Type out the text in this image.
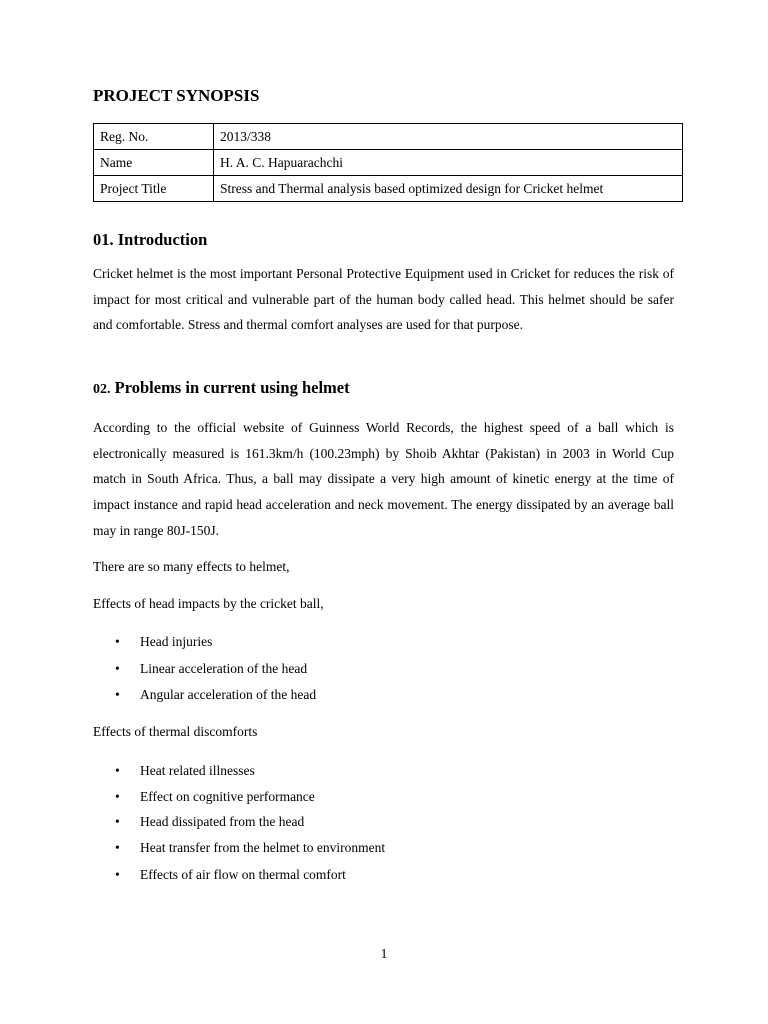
PROJECT SYNOPSIS
Reg. No.	2013/338
Name	H. A. C. Hapuarachchi
Project Title	Stress and Thermal analysis based optimized design for Cricket helmet
01. Introduction

Cricket helmet is the most important Personal Protective Equipment used in Cricket for reduces the risk of impact for most critical and vulnerable part of the human body called head. This helmet should be safer and comfortable. Stress and thermal comfort analyses are used for that purpose.

02. Problems in current using helmet

According to the official website of Guinness World Records, the highest speed of a ball which is electronically measured is 161.3km/h (100.23mph) by Shoib Akhtar (Pakistan) in 2003 in World Cup match in South Africa. Thus, a ball may dissipate a very high amount of kinetic energy at the time of impact instance and rapid head acceleration and neck movement. The energy dissipated by an average ball may in range 80J-150J.

There are so many effects to helmet,

Effects of head impacts by the cricket ball,

• Head injuries
• Linear acceleration of the head
• Angular acceleration of the head

Effects of thermal discomforts

• Heat related illnesses
• Effect on cognitive performance
• Head dissipated from the head
• Heat transfer from the helmet to environment
• Effects of air flow on thermal comfort
1
